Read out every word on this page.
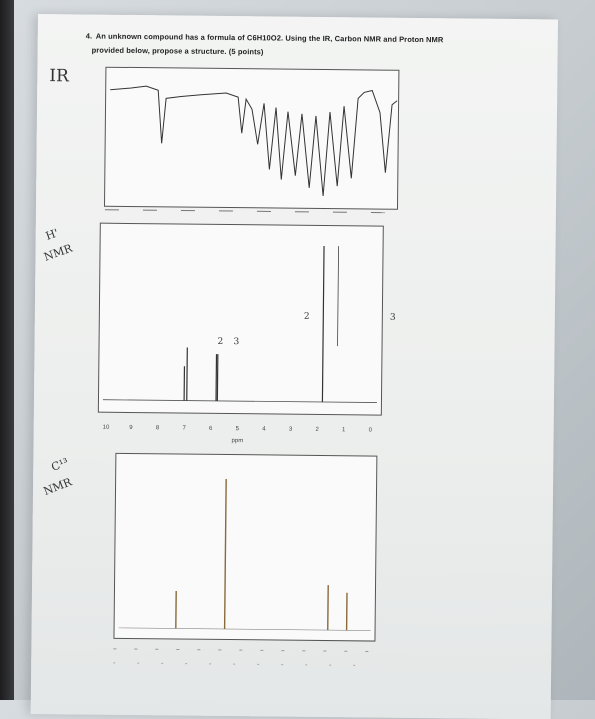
4. An unknown compound has a formula of C6H10O2. Using the IR, Carbon NMR and Proton NMR
provided below, propose a structure. (5 points)
IR
H'
NMR
C¹³
NMR
2 3
2	3
10	9	8	7	6	5	4	3	2	1	0
ppm
